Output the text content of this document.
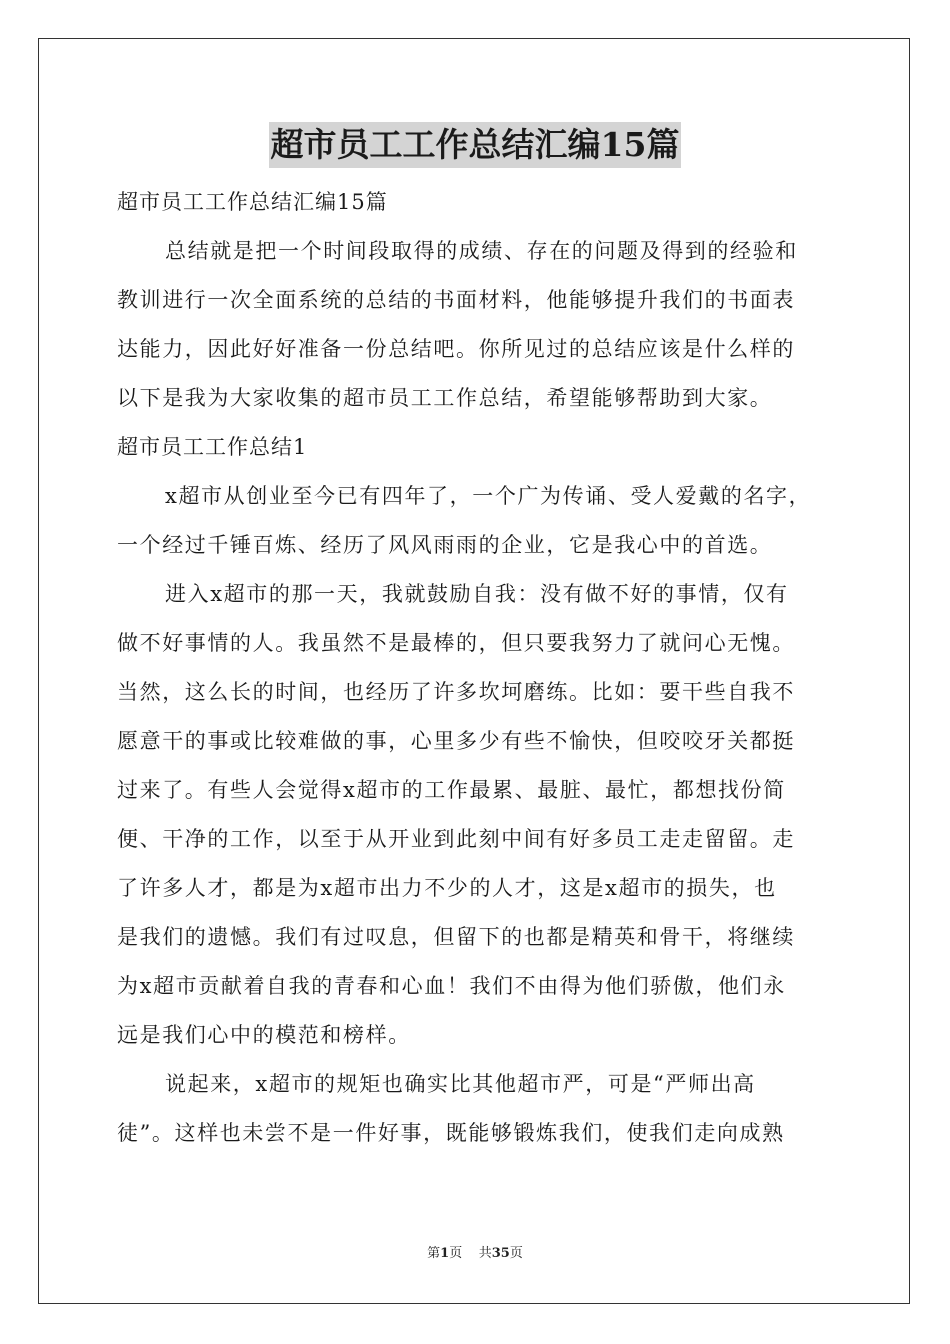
超市员工工作总结汇编15篇
超市员工工作总结汇编15篇
总结就是把一个时间段取得的成绩、存在的问题及得到的经验和
教训进行一次全面系统的总结的书面材料，他能够提升我们的书面表
达能力，因此好好准备一份总结吧。你所见过的总结应该是什么样的
以下是我为大家收集的超市员工工作总结，希望能够帮助到大家。
超市员工工作总结1
x超市从创业至今已有四年了，一个广为传诵、受人爱戴的名字，
一个经过千锤百炼、经历了风风雨雨的企业，它是我心中的首选。
进入x超市的那一天，我就鼓励自我：没有做不好的事情，仅有
做不好事情的人。我虽然不是最棒的，但只要我努力了就问心无愧。
当然，这么长的时间，也经历了许多坎坷磨练。比如：要干些自我不
愿意干的事或比较难做的事，心里多少有些不愉快，但咬咬牙关都挺
过来了。有些人会觉得x超市的工作最累、最脏、最忙，都想找份简
便、干净的工作，以至于从开业到此刻中间有好多员工走走留留。走
了许多人才，都是为x超市出力不少的人才，这是x超市的损失，也
是我们的遗憾。我们有过叹息，但留下的也都是精英和骨干，将继续
为x超市贡献着自我的青春和心血！我们不由得为他们骄傲，他们永
远是我们心中的模范和榜样。
说起来，x超市的规矩也确实比其他超市严，可是“严师出高
徒”。这样也未尝不是一件好事，既能够锻炼我们，使我们走向成熟
第1页 共35页
